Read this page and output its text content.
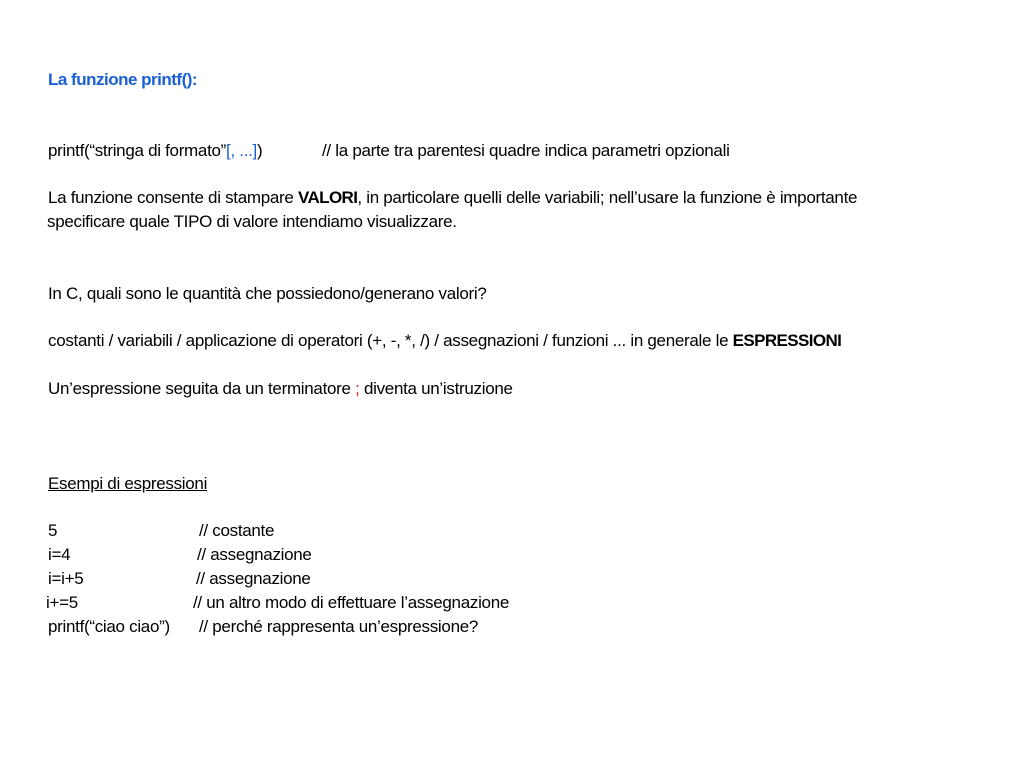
La funzione printf():
printf(“stringa di formato”[, ...])	// la parte tra parentesi quadre indica parametri opzionali
La funzione consente di stampare VALORI, in particolare quelli delle variabili; nell’usare la funzione è importante
specificare quale TIPO di valore intendiamo visualizzare.
In C, quali sono le quantità che possiedono/generano valori?
costanti / variabili / applicazione di operatori (+, -, *, /) / assegnazioni / funzioni ... in generale le ESPRESSIONI
Un’espressione seguita da un terminatore ; diventa un’istruzione
Esempi di espressioni
5	// costante
i=4	// assegnazione
i=i+5	// assegnazione
i+=5	// un altro modo di effettuare l’assegnazione
printf(“ciao ciao”) // perché rappresenta un’espressione?
